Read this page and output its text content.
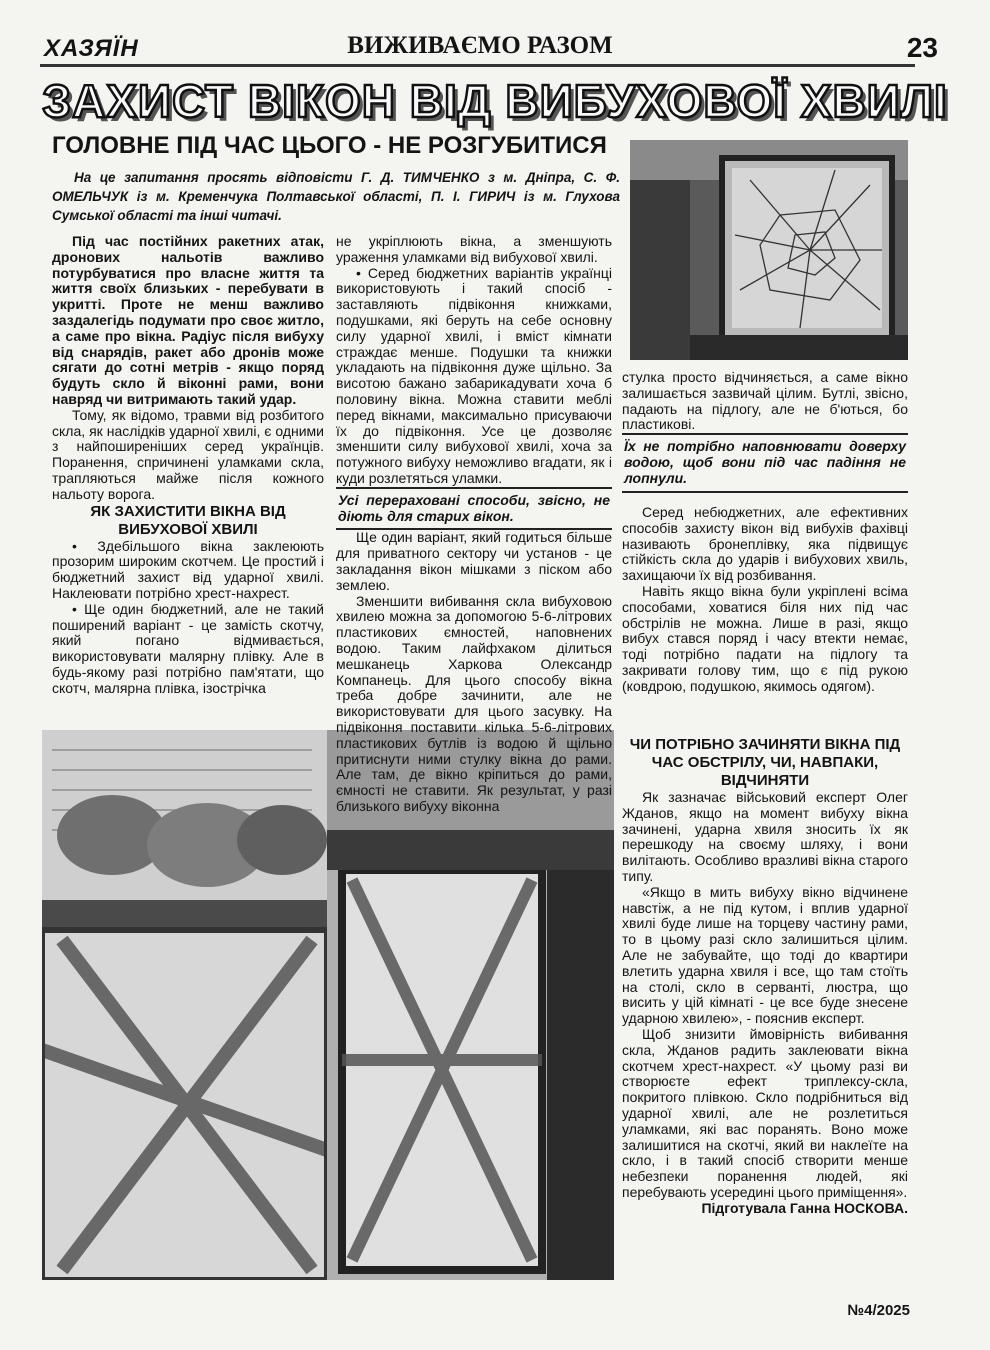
ХАЗЯЇН	ВИЖИВАЄМО РАЗОМ	23
ЗАХИСТ ВІКОН ВІД ВИБУХОВОЇ ХВИЛІ
ГОЛОВНЕ ПІД ЧАС ЦЬОГО - НЕ РОЗГУБИТИСЯ
На це запитання просять відповісти Г. Д. ТИМЧЕНКО з м. Дніпра, С. Ф. ОМЕЛЬЧУК із м. Кременчука Полтавської області, П. І. ГИРИЧ із м. Глухова Сумської області та інші читачі.

Під час постійних ракетних атак, дронових нальотів важливо потурбуватися про власне життя та життя своїх близьких - перебувати в укритті. Проте не менш важливо заздалегідь подумати про своє житло, а саме про вікна. Радіус після вибуху від снарядів, ракет або дронів може сягати до сотні метрів - якщо поряд будуть скло й віконні рами, вони навряд чи витримають такий удар.

Тому, як відомо, травми від розбитого скла, як наслідків ударної хвилі, є одними з найпоширеніших серед українців. Поранення, спричинені уламками скла, трапляються майже після кожного нальоту ворога.

ЯК ЗАХИСТИТИ ВІКНА ВІД ВИБУХОВОЇ ХВИЛІ

• Здебільшого вікна заклеюють прозорим широким скотчем. Це простий і бюджетний захист від ударної хвилі. Наклеювати потрібно хрест-нахрест.

• Ще один бюджетний, але не такий поширений варіант - це замість скотчу, який погано відмивається, використовувати малярну плівку. Але в будь-якому разі потрібно пам'ятати, що скотч, малярна плівка, ізострічка

не укріплюють вікна, а зменшують ураження уламками від вибухової хвилі.

• Серед бюджетних варіантів українці використовують і такий спосіб - заставляють підвіконня книжками, подушками, які беруть на себе основну силу ударної хвилі, і вміст кімнати страждає менше. Подушки та книжки укладають на підвіконня дуже щільно. За висотою бажано забарикадувати хоча б половину вікна. Можна ставити меблі перед вікнами, максимально присуваючи їх до підвіконня. Усе це дозволяє зменшити силу вибухової хвилі, хоча за потужного вибуху неможливо вгадати, як і куди розлетяться уламки.

Усі перераховані способи, звісно, не діють для старих вікон.

Ще один варіант, який годиться більше для приватного сектору чи установ - це закладання вікон мішками з піском або землею.

Зменшити вибивання скла вибуховою хвилею можна за допомогою 5-6-літрових пластикових ємностей, наповнених водою. Таким лайфхаком ділиться мешканець Харкова Олександр Компанець. Для цього способу вікна треба добре зачинити, але не використовувати для цього засувку. На підвіконня поставити кілька 5-6-літрових пластикових бутлів із водою й щільно притиснути ними стулку вікна до рами. Але там, де вікно кріпиться до рами, ємності не ставити. Як результат, у разі близького вибуху віконна

стулка просто відчиняється, а саме вікно залишається зазвичай цілим. Бутлі, звісно, падають на підлогу, але не б'ються, бо пластикові.

Їх не потрібно наповнювати доверху водою, щоб вони під час падіння не лопнули.

Серед небюджетних, але ефективних способів захисту вікон від вибухів фахівці називають бронеплівку, яка підвищує стійкість скла до ударів і вибухових хвиль, захищаючи їх від розбивання.

Навіть якщо вікна були укріплені всіма способами, ховатися біля них під час обстрілів не можна. Лише в разі, якщо вибух стався поряд і часу втекти немає, тоді потрібно падати на підлогу та закривати голову тим, що є під рукою (ковдрою, подушкою, якимось одягом).

ЧИ ПОТРІБНО ЗАЧИНЯТИ ВІКНА ПІД ЧАС ОБСТРІЛУ, ЧИ, НАВПАКИ, ВІДЧИНЯТИ

Як зазначає військовий експерт Олег Жданов, якщо на момент вибуху вікна зачинені, ударна хвиля зносить їх як перешкоду на своєму шляху, і вони вилітають. Особливо вразливі вікна старого типу.

«Якщо в мить вибуху вікно відчинене навстіж, а не під кутом, і вплив ударної хвилі буде лише на торцеву частину рами, то в цьому разі скло залишиться цілим. Але не забувайте, що тоді до квартири влетить ударна хвиля і все, що там стоїть на столі, скло в серванті, люстра, що висить у цій кімнаті - це все буде знесене ударною хвилею», - пояснив експерт.

Щоб знизити ймовірність вибивання скла, Жданов радить заклеювати вікна скотчем хрест-нахрест. «У цьому разі ви створюєте ефект триплексу-скла, покритого плівкою. Скло подрібниться від ударної хвилі, але не розлетиться уламками, які вас поранять. Воно може залишитися на скотчі, який ви наклеїте на скло, і в такий спосіб створити менше небезпеки поранення людей, які перебувають усередині цього приміщення».

Підготувала Ганна НОСКОВА.

№4/2025
